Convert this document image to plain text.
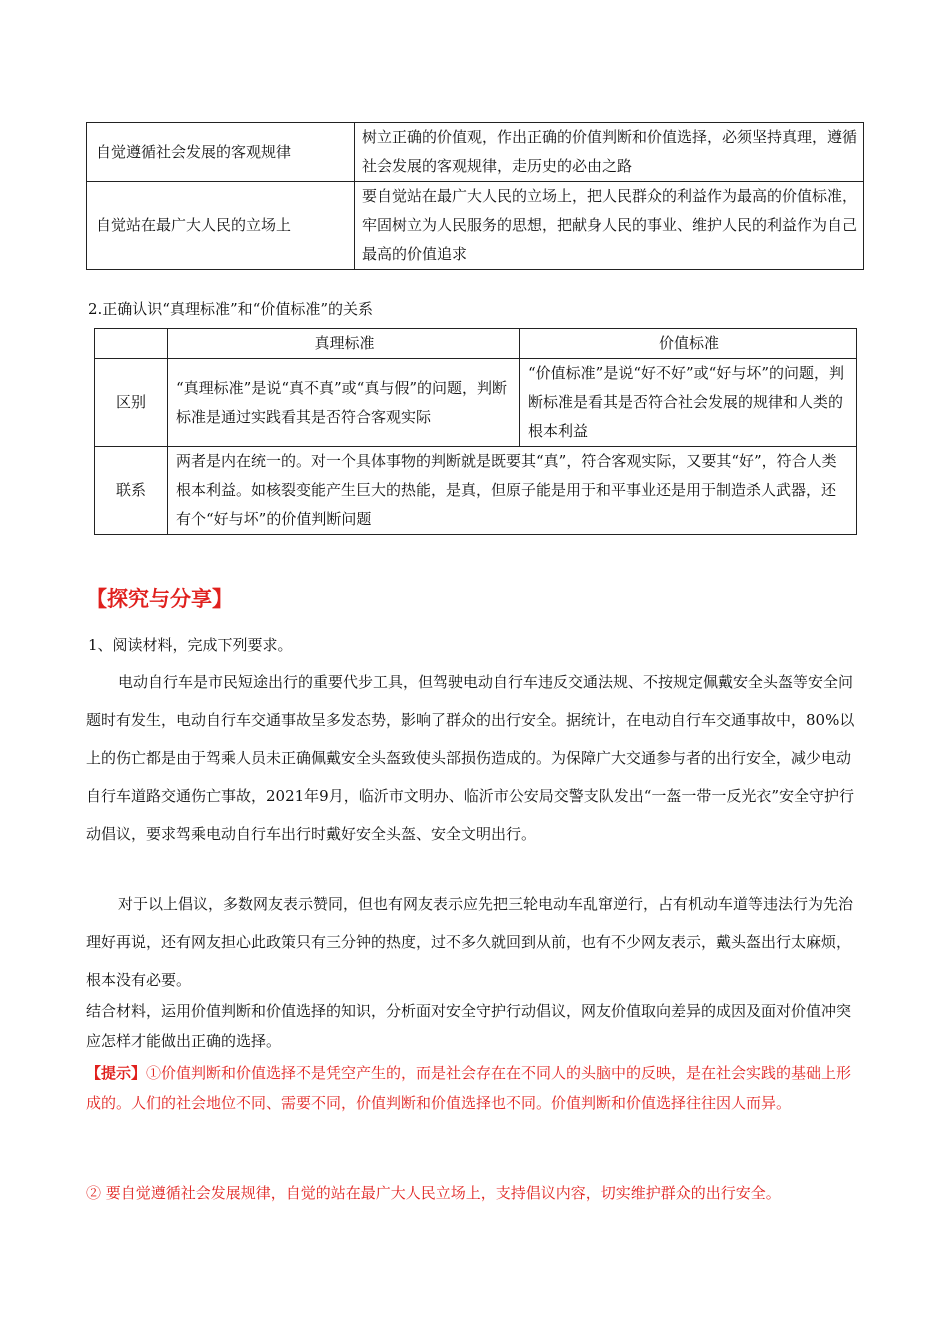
自觉遵循社会发展的客观规律	树立正确的价值观，作出正确的价值判断和价值选择，必须坚持真理，遵循社会发展的客观规律，走历史的必由之路
自觉站在最广大人民的立场上	要自觉站在最广大人民的立场上，把人民群众的利益作为最高的价值标准，牢固树立为人民服务的思想，把献身人民的事业、维护人民的利益作为自己最高的价值追求
2.正确认识“真理标准”和“价值标准”的关系
	真理标准	价值标准
区别	“真理标准”是说“真不真”或“真与假”的问题，判断标准是通过实践看其是否符合客观实际	“价值标准”是说“好不好”或“好与坏”的问题，判断标准是看其是否符合社会发展的规律和人类的根本利益
联系	两者是内在统一的。对一个具体事物的判断就是既要其“真”，符合客观实际，又要其“好”，符合人类根本利益。如核裂变能产生巨大的热能，是真，但原子能是用于和平事业还是用于制造杀人武器，还有个“好与坏”的价值判断问题	
【探究与分享】
1、阅读材料，完成下列要求。

电动自行车是市民短途出行的重要代步工具，但驾驶电动自行车违反交通法规、不按规定佩戴安全头盔等安全问题时有发生，电动自行车交通事故呈多发态势，影响了群众的出行安全。据统计，在电动自行车交通事故中，80%以上的伤亡都是由于驾乘人员未正确佩戴安全头盔致使头部损伤造成的。为保障广大交通参与者的出行安全，减少电动自行车道路交通伤亡事故，2021年9月，临沂市文明办、临沂市公安局交警支队发出“一盔一带一反光衣”安全守护行动倡议，要求驾乘电动自行车出行时戴好安全头盔、安全文明出行。

对于以上倡议，多数网友表示赞同，但也有网友表示应先把三轮电动车乱窜逆行，占有机动车道等违法行为先治理好再说，还有网友担心此政策只有三分钟的热度，过不多久就回到从前，也有不少网友表示，戴头盔出行太麻烦，根本没有必要。

结合材料，运用价值判断和价值选择的知识，分析面对安全守护行动倡议，网友价值取向差异的成因及面对价值冲突应怎样才能做出正确的选择。

【提示】①价值判断和价值选择不是凭空产生的，而是社会存在在不同人的头脑中的反映，是在社会实践的基础上形成的。人们的社会地位不同、需要不同，价值判断和价值选择也不同。价值判断和价值选择往往因人而异。

② 要自觉遵循社会发展规律，自觉的站在最广大人民立场上，支持倡议内容，切实维护群众的出行安全。
